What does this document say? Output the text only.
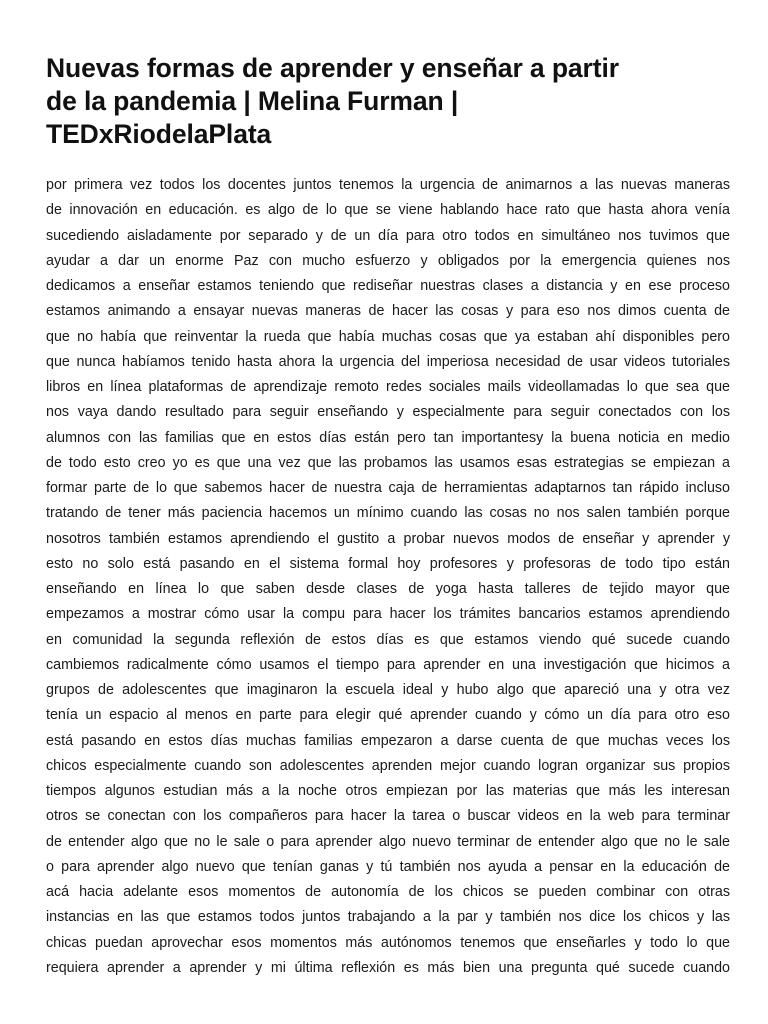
Nuevas formas de aprender y enseñar a partir
de la pandemia | Melina Furman |
TEDxRiodelaPlata
por primera vez todos los docentes juntos tenemos la urgencia de animarnos a las nuevas maneras
de innovación en educación. es algo de lo que se viene hablando hace rato que hasta ahora venía
sucediendo aisladamente por separado y de un día para otro todos en simultáneo nos tuvimos que
ayudar a dar un enorme Paz con mucho esfuerzo y obligados por la emergencia quienes nos
dedicamos a enseñar estamos teniendo que rediseñar nuestras clases a distancia y en ese proceso
estamos animando a ensayar nuevas maneras de hacer las cosas y para eso nos dimos cuenta de
que no había que reinventar la rueda que había muchas cosas que ya estaban ahí disponibles pero
que nunca habíamos tenido hasta ahora la urgencia del imperiosa necesidad de usar videos tutoriales
libros en línea plataformas de aprendizaje remoto redes sociales mails videollamadas lo que sea que
nos vaya dando resultado para seguir enseñando y especialmente para seguir conectados con los
alumnos con las familias que en estos días están pero tan importantesy la buena noticia en medio
de todo esto creo yo es que una vez que las probamos las usamos esas estrategias se empiezan a
formar parte de lo que sabemos hacer de nuestra caja de herramientas adaptarnos tan rápido incluso
tratando de tener más paciencia hacemos un mínimo cuando las cosas no nos salen también porque
nosotros también estamos aprendiendo el gustito a probar nuevos modos de enseñar y aprender y
esto no solo está pasando en el sistema formal hoy profesores y profesoras de todo tipo están
enseñando en línea lo que saben desde clases de yoga hasta talleres de tejido mayor que
empezamos a mostrar cómo usar la compu para hacer los trámites bancarios estamos aprendiendo
en comunidad la segunda reflexión de estos días es que estamos viendo qué sucede cuando
cambiemos radicalmente cómo usamos el tiempo para aprender en una investigación que hicimos a
grupos de adolescentes que imaginaron la escuela ideal y hubo algo que apareció una y otra vez
tenía un espacio al menos en parte para elegir qué aprender cuando y cómo un día para otro eso
está pasando en estos días muchas familias empezaron a darse cuenta de que muchas veces los
chicos especialmente cuando son adolescentes aprenden mejor cuando logran organizar sus propios
tiempos algunos estudian más a la noche otros empiezan por las materias que más les interesan
otros se conectan con los compañeros para hacer la tarea o buscar videos en la web para terminar
de entender algo que no le sale o para aprender algo nuevo terminar de entender algo que no le sale
o para aprender algo nuevo que tenían ganas y tú también nos ayuda a pensar en la educación de
acá hacia adelante esos momentos de autonomía de los chicos se pueden combinar con otras
instancias en las que estamos todos juntos trabajando a la par y también nos dice los chicos y las
chicas puedan aprovechar esos momentos más autónomos tenemos que enseñarles y todo lo que
requiera aprender a aprender y mi última reflexión es más bien una pregunta qué sucede cuando
